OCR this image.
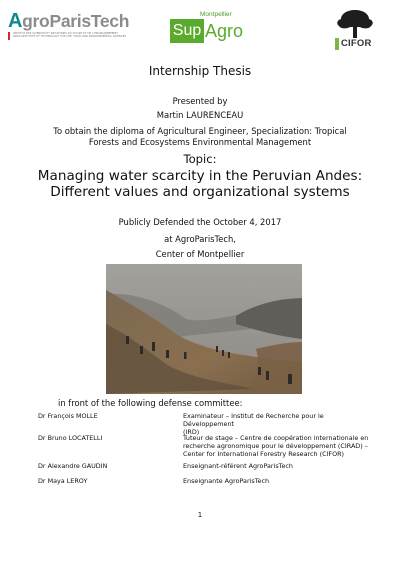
AgroParisTech
INSTITUT DES SCIENCES ET INDUSTRIES DU VIVANT ET DE L'ENVIRONNEMENT
PARIS INSTITUTE OF TECHNOLOGY FOR LIFE, FOOD AND ENVIRONMENTAL SCIENCES
Montpellier
Sup Agro
CIFOR
Internship Thesis
Presented by
Martin LAURENCEAU
To obtain the diploma of Agricultural Engineer, Specialization: Tropical
Forests and Ecosystems Environmental Management
Topic:
Managing water scarcity in the Peruvian Andes:
Different values and organizational systems
Publicly Defended the October 4, 2017
at AgroParisTech,
Center of Montpellier
in front of the following defense committee:
Dr François MOLLE	Examinateur – Institut de Recherche pour le Développement
(IRD)
Dr Bruno LOCATELLI	Tuteur de stage – Centre de coopération internationale en
recherche agronomique pour le développement (CIRAD) –
Center for International Forestry Research (CIFOR)
Dr Alexandre GAUDIN	Enseignant-référent AgroParisTech
Dr Maya LEROY	Enseignante AgroParisTech
1
